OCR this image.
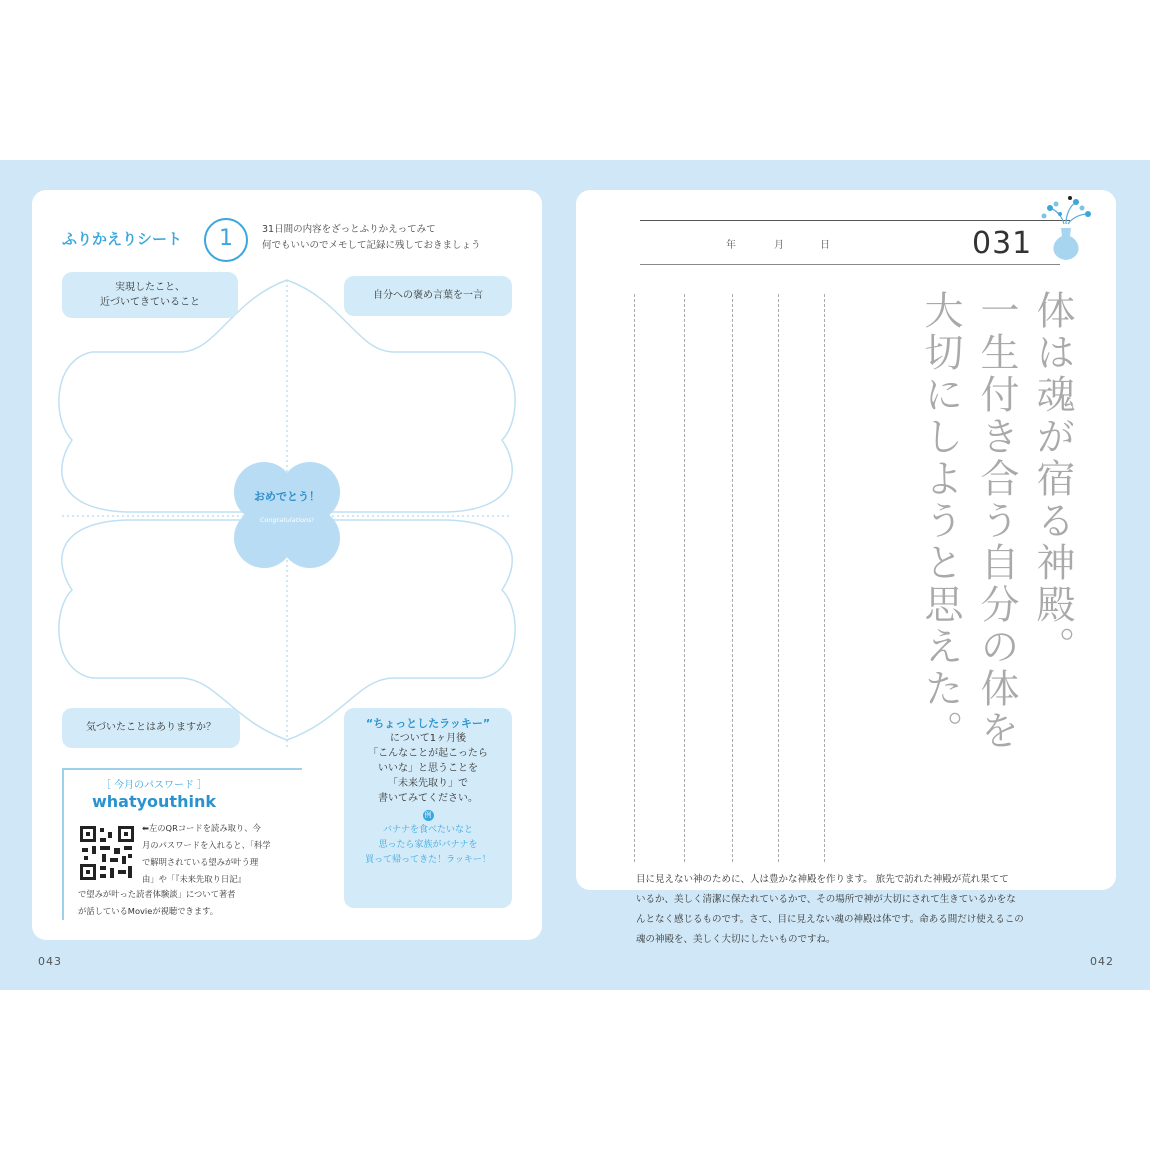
ふりかえりシート	1	31日間の内容をざっとふりかえってみて
何でもいいのでメモして記録に残しておきましょう
実現したこと、
近づいてきていること
自分への褒め言葉を一言
気づいたことはありますか？	“ちょっとしたラッキー”
について1ヶ月後
「こんなことが起こったら
いいな」と思うことを
「未来先取り」で
書いてみてください。
例
バナナを食べたいなと
思ったら家族がバナナを
買って帰ってきた！ラッキー！
おめでとう！
Congratulations!
［ 今月のパスワード ］
whatyouthink
⬅左のQRコードを読み取り、今
月のパスワードを入れると、「科学
で解明されている望みが叶う理
由」や「『未来先取り日記』
で望みが叶った読者体験談」について著者
が話しているMovieが視聴できます。
年	月	日	031
体は魂が宿る神殿。
一生付き合う自分の体を
大切にしようと思えた。
043	042
目に見えない神のために、人は豊かな神殿を作ります。 旅先で訪れた神殿が荒れ果てて
いるか、美しく清潔に保たれているかで、その場所で神が大切にされて生きているかをな
んとなく感じるものです。さて、目に見えない魂の神殿は体です。命ある間だけ使えるこの
魂の神殿を、美しく大切にしたいものですね。
